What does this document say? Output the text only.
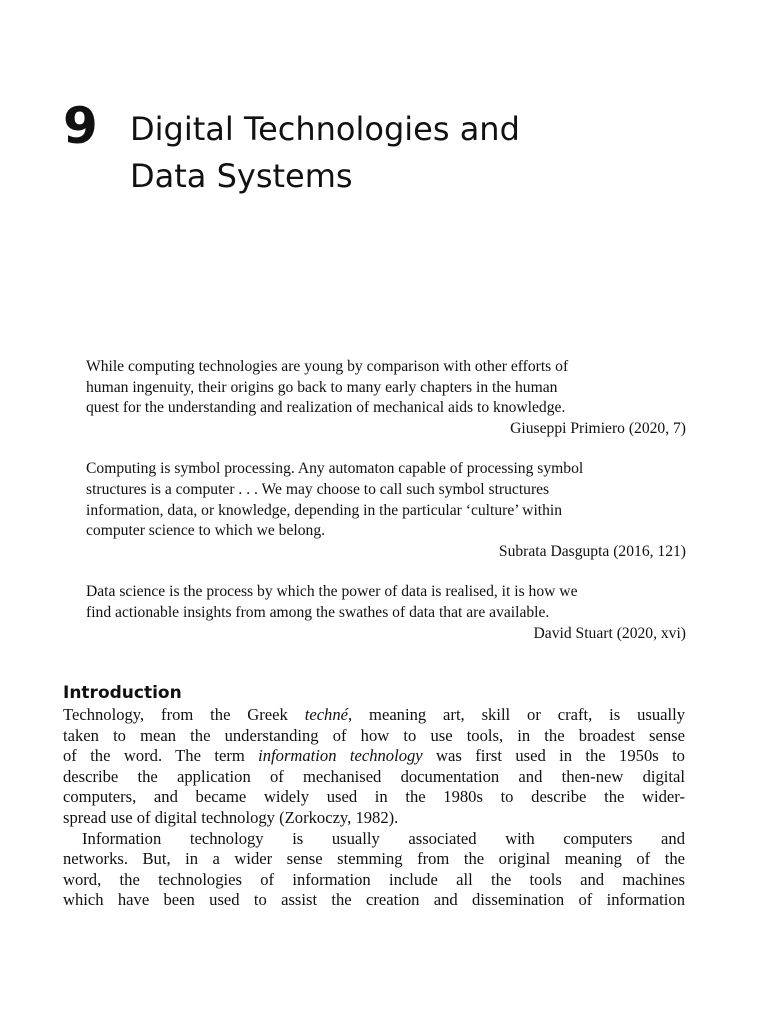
9	Digital Technologies and
Data Systems
While computing technologies are young by comparison with other efforts of
human ingenuity, their origins go back to many early chapters in the human
quest for the understanding and realization of mechanical aids to knowledge.
Giuseppi Primiero (2020, 7)
Computing is symbol processing. Any automaton capable of processing symbol
structures is a computer . . . We may choose to call such symbol structures
information, data, or knowledge, depending in the particular ‘culture’ within
computer science to which we belong.
Subrata Dasgupta (2016, 121)
Data science is the process by which the power of data is realised, it is how we
find actionable insights from among the swathes of data that are available.
David Stuart (2020, xvi)
Introduction
Technology, from the Greek techné, meaning art, skill or craft, is usually
taken to mean the understanding of how to use tools, in the broadest sense
of the word. The term information technology was first used in the 1950s to
describe the application of mechanised documentation and then-new digital
computers, and became widely used in the 1980s to describe the wider-
spread use of digital technology (Zorkoczy, 1982).
Information technology is usually associated with computers and
networks. But, in a wider sense stemming from the original meaning of the
word, the technologies of information include all the tools and machines
which have been used to assist the creation and dissemination of information
